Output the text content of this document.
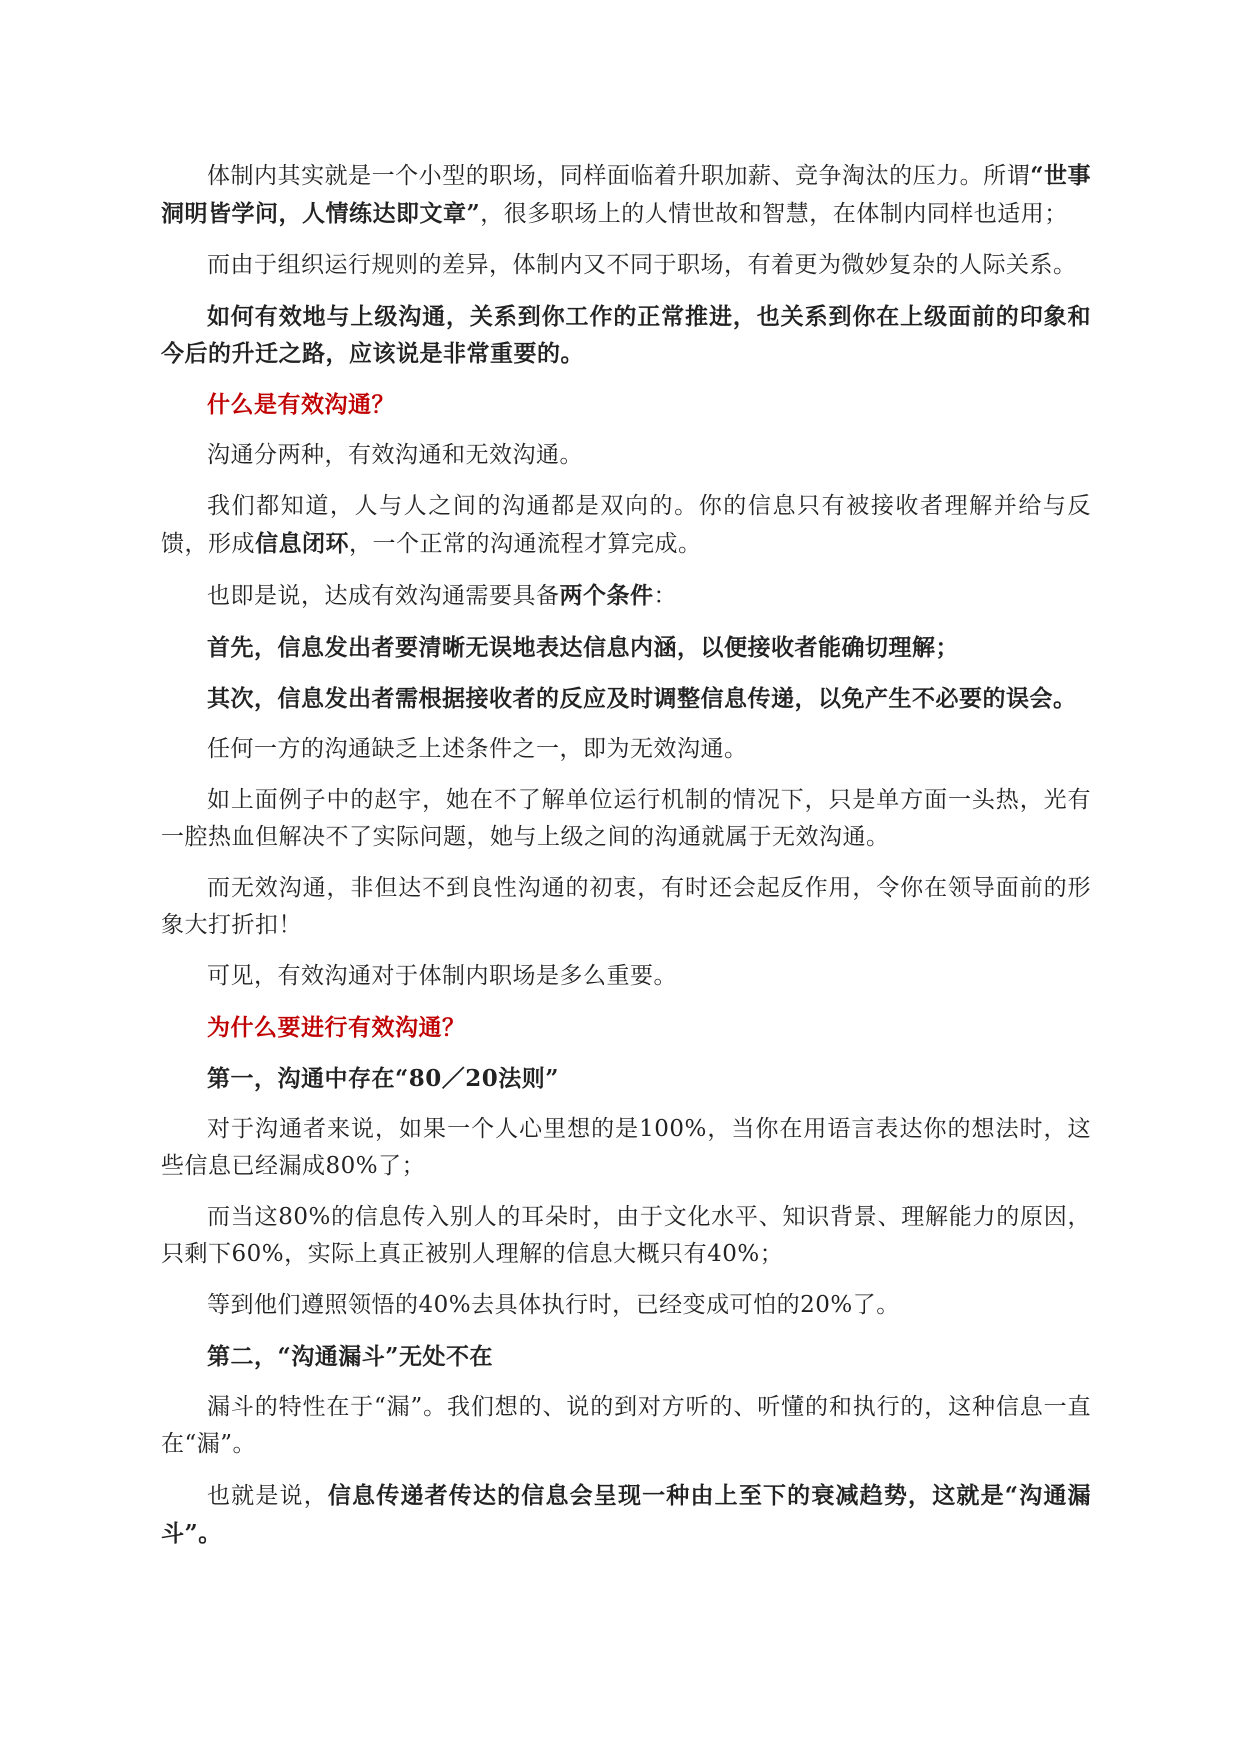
体制内其实就是一个小型的职场，同样面临着升职加薪、竞争淘汰的压力。所谓“世事洞明皆学问，人情练达即文章”，很多职场上的人情世故和智慧，在体制内同样也适用；

而由于组织运行规则的差异，体制内又不同于职场，有着更为微妙复杂的人际关系。

如何有效地与上级沟通，关系到你工作的正常推进，也关系到你在上级面前的印象和今后的升迁之路，应该说是非常重要的。

什么是有效沟通？

沟通分两种，有效沟通和无效沟通。

我们都知道，人与人之间的沟通都是双向的。你的信息只有被接收者理解并给与反馈，形成信息闭环，一个正常的沟通流程才算完成。

也即是说，达成有效沟通需要具备两个条件：

首先，信息发出者要清晰无误地表达信息内涵，以便接收者能确切理解；

其次，信息发出者需根据接收者的反应及时调整信息传递，以免产生不必要的误会。

任何一方的沟通缺乏上述条件之一，即为无效沟通。

如上面例子中的赵宇，她在不了解单位运行机制的情况下，只是单方面一头热，光有一腔热血但解决不了实际问题，她与上级之间的沟通就属于无效沟通。

而无效沟通，非但达不到良性沟通的初衷，有时还会起反作用，令你在领导面前的形象大打折扣！

可见，有效沟通对于体制内职场是多么重要。

为什么要进行有效沟通？

第一，沟通中存在“80／20法则”

对于沟通者来说，如果一个人心里想的是100%，当你在用语言表达你的想法时，这些信息已经漏成80%了；

而当这80%的信息传入别人的耳朵时，由于文化水平、知识背景、理解能力的原因，只剩下60%，实际上真正被别人理解的信息大概只有40%；

等到他们遵照领悟的40%去具体执行时，已经变成可怕的20%了。

第二，“沟通漏斗”无处不在

漏斗的特性在于“漏”。我们想的、说的到对方听的、听懂的和执行的，这种信息一直在“漏”。

也就是说，信息传递者传达的信息会呈现一种由上至下的衰减趋势，这就是“沟通漏斗”。
